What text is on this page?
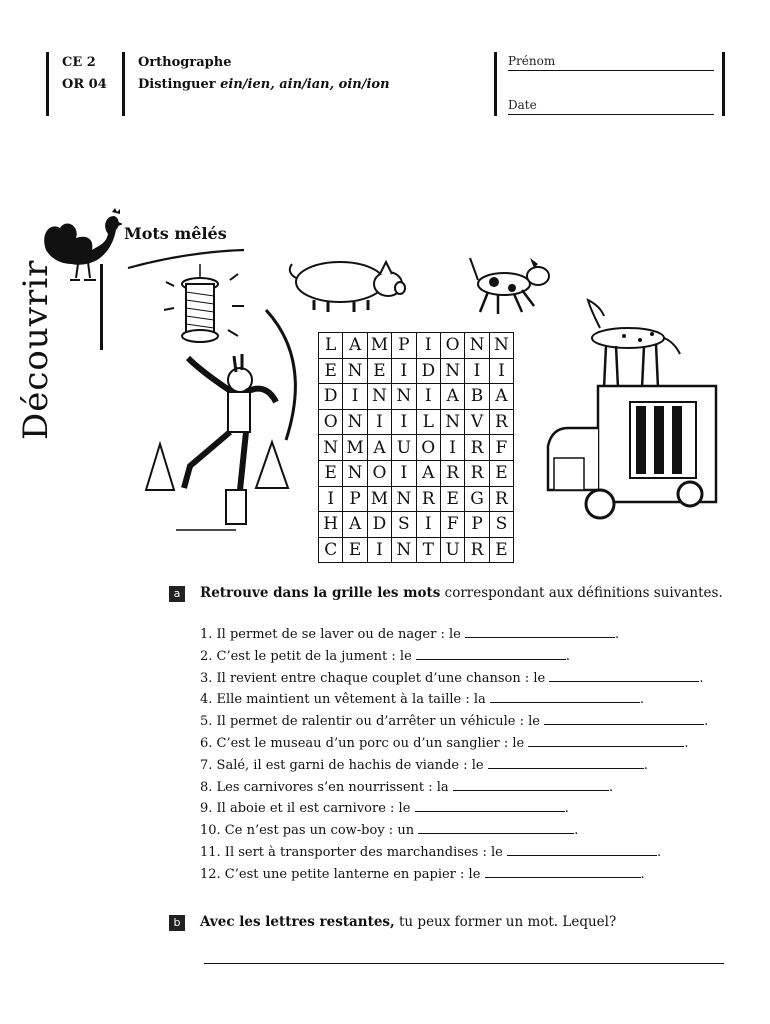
CE 2
OR 04
Orthographe
Distinguer ein/ien, ain/ian, oin/ion
Prénom
Date
Découvrir
Mots mêlés
L	A	M	P	I	O	N	N
E	N	E	I	D	N	I	I
D	I	N	N	I	A	B	A
O	N	I	I	L	N	V	R
N	M	A	U	O	I	R	F
E	N	O	I	A	R	R	E
I	P	M	N	R	E	G	R
H	A	D	S	I	F	P	S
C	E	I	N	T	U	R	E
a	Retrouve dans la grille les mots correspondant aux définitions suivantes.
1. Il permet de se laver ou de nager : le	.
2. C’est le petit de la jument : le	.
3. Il revient entre chaque couplet d’une chanson : le	.
4. Elle maintient un vêtement à la taille : la	.
5. Il permet de ralentir ou d’arrêter un véhicule : le	.
6. C’est le museau d’un porc ou d’un sanglier : le	.
7. Salé, il est garni de hachis de viande : le	.
8. Les carnivores s’en nourrissent : la	.
9. Il aboie et il est carnivore : le	.
10. Ce n’est pas un cow-boy : un	.
11. Il sert à transporter des marchandises : le	.
12. C’est une petite lanterne en papier : le	.
b	Avec les lettres restantes, tu peux former un mot. Lequel?
